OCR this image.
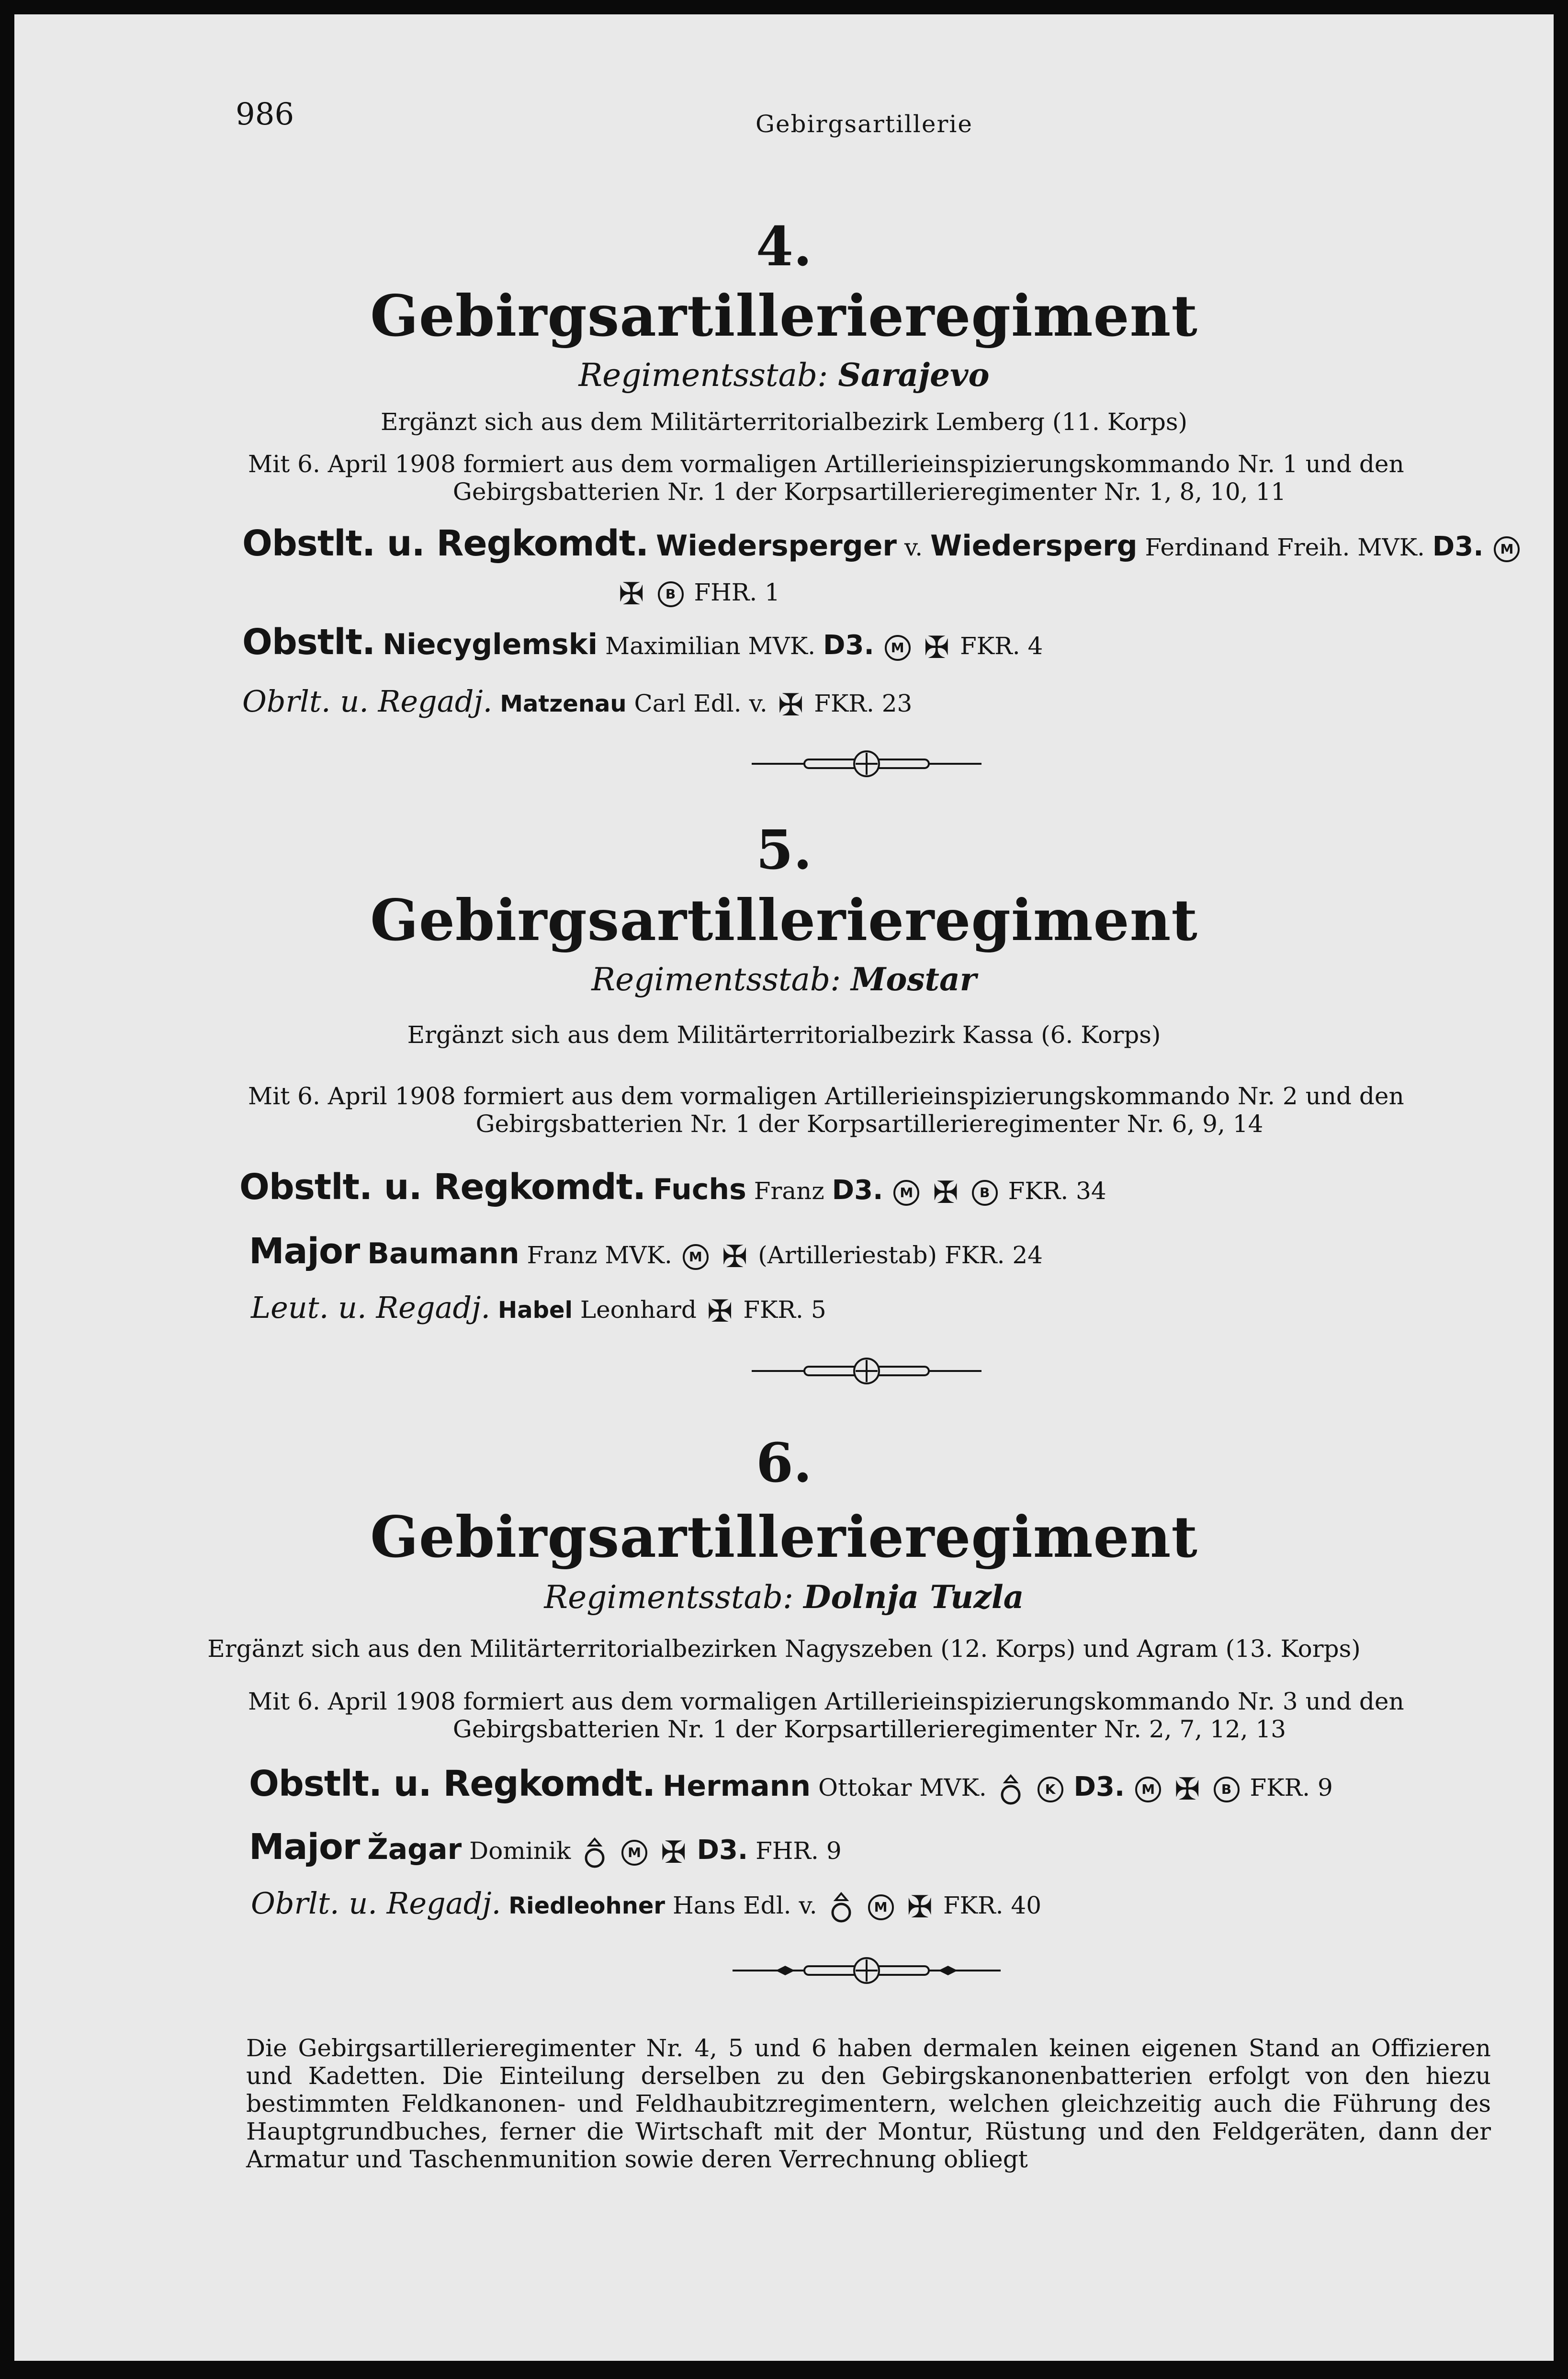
986	Gebirgsartillerie
4.
Gebirgsartillerieregiment
Regimentsstab: Sarajevo
Ergänzt sich aus dem Militärterritorialbezirk Lemberg (11. Korps)
Mit 6. April 1908 formiert aus dem vormaligen Artillerieinspizierungskommando Nr. 1 und den
Gebirgsbatterien Nr. 1 der Korpsartillerieregimenter Nr. 1, 8, 10, 11
Obstlt. u. Regkomdt. Wiedersperger v. Wiedersperg Ferdinand Freih. MVK. D3. M
✠ B FHR. 1
Obstlt. Niecyglemski Maximilian MVK. D3. M ✠ FKR. 4
Obrlt. u. Regadj. Matzenau Carl Edl. v. ✠ FKR. 23
5.
Gebirgsartillerieregiment
Regimentsstab: Mostar
Ergänzt sich aus dem Militärterritorialbezirk Kassa (6. Korps)
Mit 6. April 1908 formiert aus dem vormaligen Artillerieinspizierungskommando Nr. 2 und den
Gebirgsbatterien Nr. 1 der Korpsartillerieregimenter Nr. 6, 9, 14
Obstlt. u. Regkomdt. Fuchs Franz D3. M ✠ B FKR. 34
Major Baumann Franz MVK. M ✠ (Artilleriestab) FKR. 24
Leut. u. Regadj. Habel Leonhard ✠ FKR. 5
6.
Gebirgsartillerieregiment
Regimentsstab: Dolnja Tuzla
Ergänzt sich aus den Militärterritorialbezirken Nagyszeben (12. Korps) und Agram (13. Korps)
Mit 6. April 1908 formiert aus dem vormaligen Artillerieinspizierungskommando Nr. 3 und den
Gebirgsbatterien Nr. 1 der Korpsartillerieregimenter Nr. 2, 7, 12, 13
Obstlt. u. Regkomdt. Hermann Ottokar MVK.	K D3. M ✠ B FKR. 9
Major Žagar Dominik	M ✠ D3. FHR. 9
Obrlt. u. Regadj. Riedleohner Hans Edl. v.	M ✠ FKR. 40
Die Gebirgsartillerieregimenter Nr. 4, 5 und 6 haben dermalen keinen eigenen Stand an Offizieren und Kadetten. Die Einteilung derselben zu den Gebirgskanonenbatterien erfolgt von den hiezu bestimmten Feldkanonen- und Feldhaubitzregimentern, welchen gleichzeitig auch die Führung des Hauptgrundbuches, ferner die Wirtschaft mit der Montur, Rüstung und den Feldgeräten, dann der Armatur und Taschenmunition sowie deren Verrechnung obliegt
